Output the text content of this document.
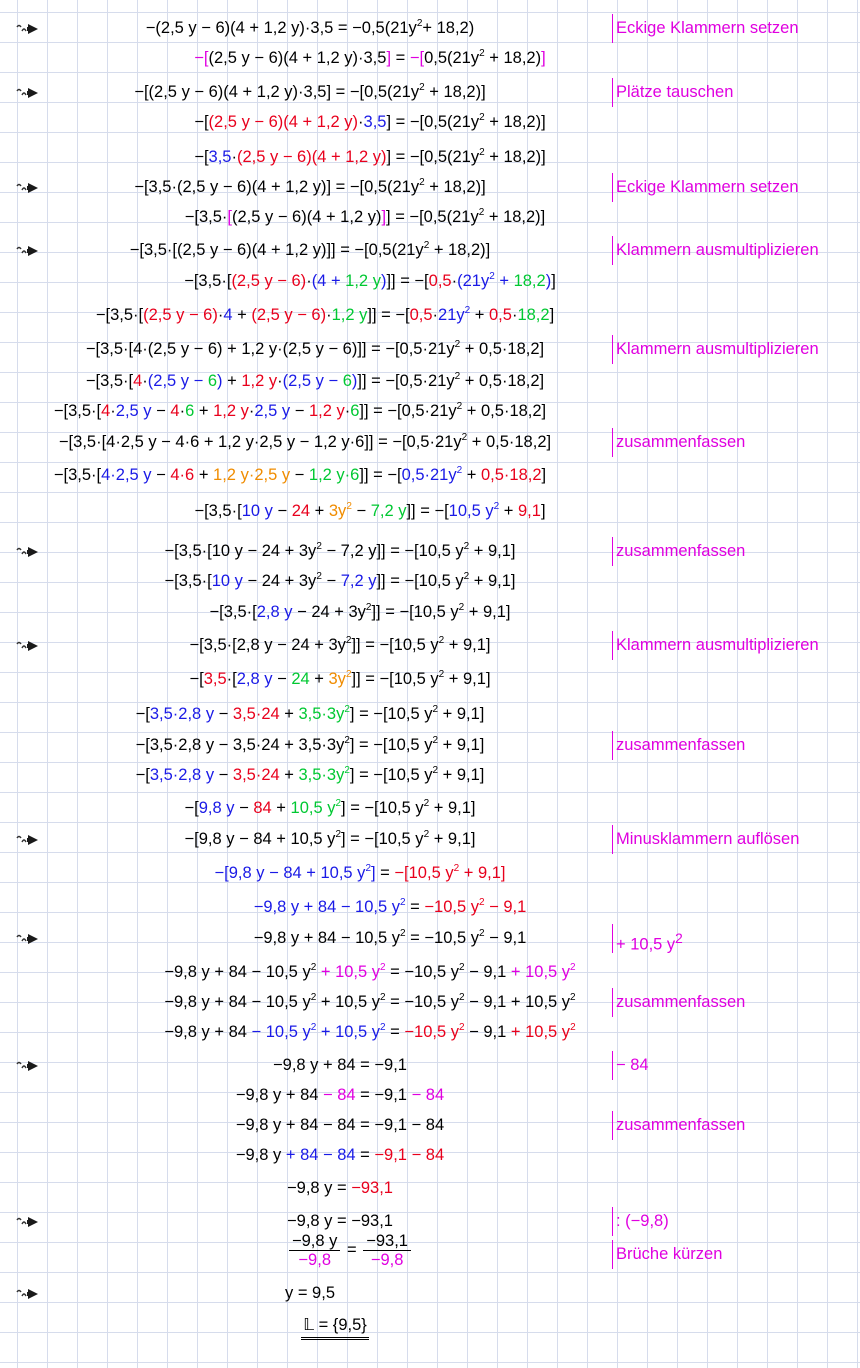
−(2,5 y − 6)(4 + 1,2 $y)\cdot 3,5 = -0,5(21y^2+ 18,2)$	Eckige Klammern setzen
−[(2,5 y − 6)(4 + 1,2 $y)\cdot 3,5] = -[0,5(21y^2 + 18,2)]$
−[(2,5 y − 6)(4 + 1,2 $y)\cdot 3,5] = -[0,5(21y^2 + 18,2)]$	Plätze tauschen
−[(2,5 y − 6)(4 + 1,2 $y)\cdot 3,5] = -[0,5(21y^2 + 18,2)]$
−[3,5·(2,5 y − 6)(4 + 1,2 $y)] = -[0,5(21y^2 + 18,2)]$
−[3,5·(2,5 y − 6)(4 + 1,2 $y)] = -[0,5(21y^2 + 18,2)]$	Eckige Klammern setzen
−[3,5·[(2,5 y − 6)(4 + 1,2 $y)]] = -[0,5(21y^2 + 18,2)]$
−[3,5·[(2,5 y − 6)(4 + 1,2 $y)]] = -[0,5(21y^2 + 18,2)]$	Klammern ausmultiplizieren
−[3,5·[(2,5 y − 6)·(4 + 1,2 $y)]] = -[0,5\cdot(21y^2 + 18,2)]$
−[3,5·[(2,5 y − 6)·4 + (2,5 y − 6)·1,2 $y]] = -[0,5\cdot 21y^2 + 0,5\cdot 18,2]$
−[3,5·[4·(2,5 y − 6) + 1,2 y·(2,5 $y - 6)]] = -[0,5\cdot 21y^2 + 0,5\cdot 18,2]$	Klammern ausmultiplizieren
−[3,5·[4·(2,5 y − 6) + 1,2 y·(2,5 $y - 6)]] = -[0,5\cdot 21y^2 + 0,5\cdot 18,2]$
−[3,5·[4·2,5 y − 4·6 + 1,2 y·2,5 y − 1,2 $y\cdot 6]] = -[0,5\cdot 21y^2 + 0,5\cdot 18,2]$
−[3,5·[4·2,5 y − 4·6 + 1,2 y·2,5 y − 1,2 $y\cdot 6]] = -[0,5\cdot 21y^2 + 0,5\cdot 18,2]$	zusammenfassen
−[3,5·[4·2,5 y − 4·6 + 1,2 y·2,5 y − 1,2 $y\cdot 6]] = -[0,5\cdot 21y^2 + 0,5\cdot 18,2]$
−[3,5·[10 $y - 24 + 3y^2 - 7,2$ y]] = −[10,5 $y^2 + 9,1$]
−[3,5·[10 $y - 24 + 3y^2 - 7,2$ y]] = −[10,5 $y^2 + 9,1$]	zusammenfassen
−[3,5·[10 $y - 24 + 3y^2 - 7,2$ y]] = −[10,5 $y^2 + 9,1$]
−[3,5·[2,8 $y - 24 + 3y^2]] = -[10,5$ $y^2 + 9,1$]
−[3,5·[2,8 $y - 24 + 3y^2]] = -[10,5$ $y^2 + 9,1$]	Klammern ausmultiplizieren
−[3,5·[2,8 $y - 24 + 3y^2]] = -[10,5$ $y^2 + 9,1$]
−[3,5·2,8 $y - 3,5\cdot 24 + 3,5\cdot 3y^2] = -[10,5$ $y^2 + 9,1$]
−[3,5·2,8 $y - 3,5\cdot 24 + 3,5\cdot 3y^2] = -[10,5$ $y^2 + 9,1$]	zusammenfassen
−[3,5·2,8 $y - 3,5\cdot 24 + 3,5\cdot 3y^2] = -[10,5$ $y^2 + 9,1$]
−[9,8 y − 84 + 10,5 $y^2] = -[10,5$ $y^2 + 9,1$]
−[9,8 y − 84 + 10,5 $y^2] = -[10,5$ $y^2 + 9,1$]	Minusklammern auflösen
−[9,8 y − 84 + 10,5 $y^2] = -[10,5$ $y^2 + 9,1$]
−9,8 y + 84 − 10,5 $y^2 = -10,5$ $y^2 - 9,1$
−9,8 y + 84 − 10,5 $y^2 = -10,5$ $y^2 - 9,1$	+ 10,5 $y^2$
−9,8 y + 84 − 10,5 $y^2 + 10,5$ $y^2 = -10,5$ $y^2 - 9,1 + 10,5$ $y^2$
−9,8 y + 84 − 10,5 $y^2 + 10,5$ $y^2 = -10,5$ $y^2 - 9,1 + 10,5$ $y^2$	zusammenfassen
−9,8 y + 84 − 10,5 $y^2 + 10,5$ $y^2 = -10,5$ $y^2 - 9,1 + 10,5$ $y^2$
−9,8 y + 84 = −9,1	− 84
−9,8 y + 84 − 84 = −9,1 − 84
−9,8 y + 84 − 84 = −9,1 − 84	zusammenfassen
−9,8 y + 84 − 84 = −9,1 − 84
−9,8 y = −93,1
−9,8 y = −93,1	: (−9,8)
$\frac{-9,8 y}{-9,8} = \frac{-93,1}{-9,8}$	Brüche kürzen
y = 9,5
𝕃 = {9,5}
